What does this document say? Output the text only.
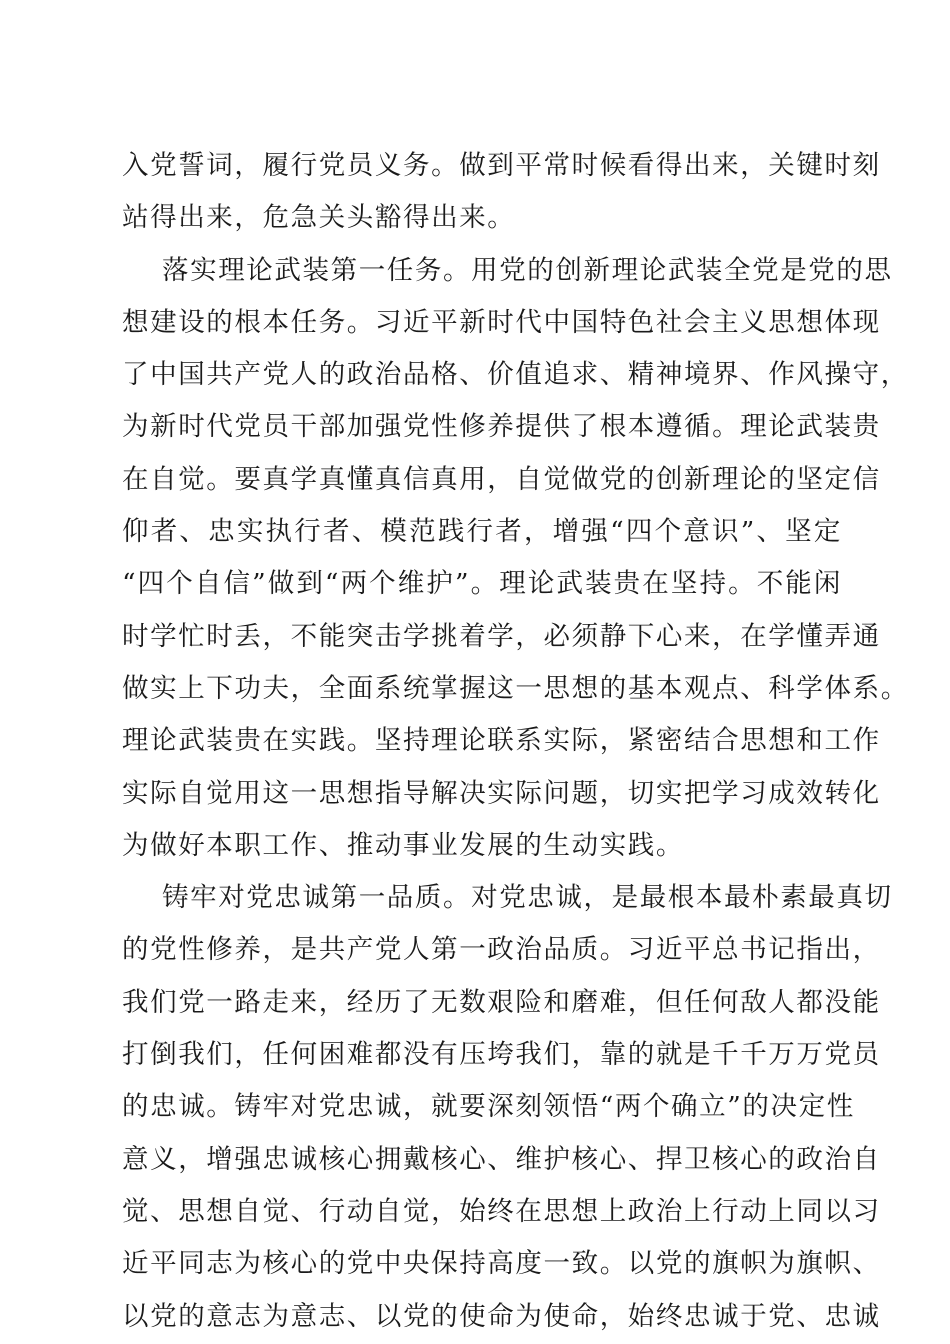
入党誓词，履行党员义务。做到平常时候看得出来，关键时刻
站得出来，危急关头豁得出来。
落实理论武装第一任务。用党的创新理论武装全党是党的思
想建设的根本任务。习近平新时代中国特色社会主义思想体现
了中国共产党人的政治品格、价值追求、精神境界、作风操守，
为新时代党员干部加强党性修养提供了根本遵循。理论武装贵
在自觉。要真学真懂真信真用，自觉做党的创新理论的坚定信
仰者、忠实执行者、模范践行者，增强“四个意识”、坚定
“四个自信”做到“两个维护”。理论武装贵在坚持。不能闲
时学忙时丢，不能突击学挑着学，必须静下心来，在学懂弄通
做实上下功夫，全面系统掌握这一思想的基本观点、科学体系。
理论武装贵在实践。坚持理论联系实际，紧密结合思想和工作
实际自觉用这一思想指导解决实际问题，切实把学习成效转化
为做好本职工作、推动事业发展的生动实践。
铸牢对党忠诚第一品质。对党忠诚，是最根本最朴素最真切
的党性修养，是共产党人第一政治品质。习近平总书记指出，
我们党一路走来，经历了无数艰险和磨难，但任何敌人都没能
打倒我们，任何困难都没有压垮我们，靠的就是千千万万党员
的忠诚。铸牢对党忠诚，就要深刻领悟“两个确立”的决定性
意义，增强忠诚核心拥戴核心、维护核心、捍卫核心的政治自
觉、思想自觉、行动自觉，始终在思想上政治上行动上同以习
近平同志为核心的党中央保持高度一致。以党的旗帜为旗帜、
以党的意志为意志、以党的使命为使命，始终忠诚于党、忠诚
